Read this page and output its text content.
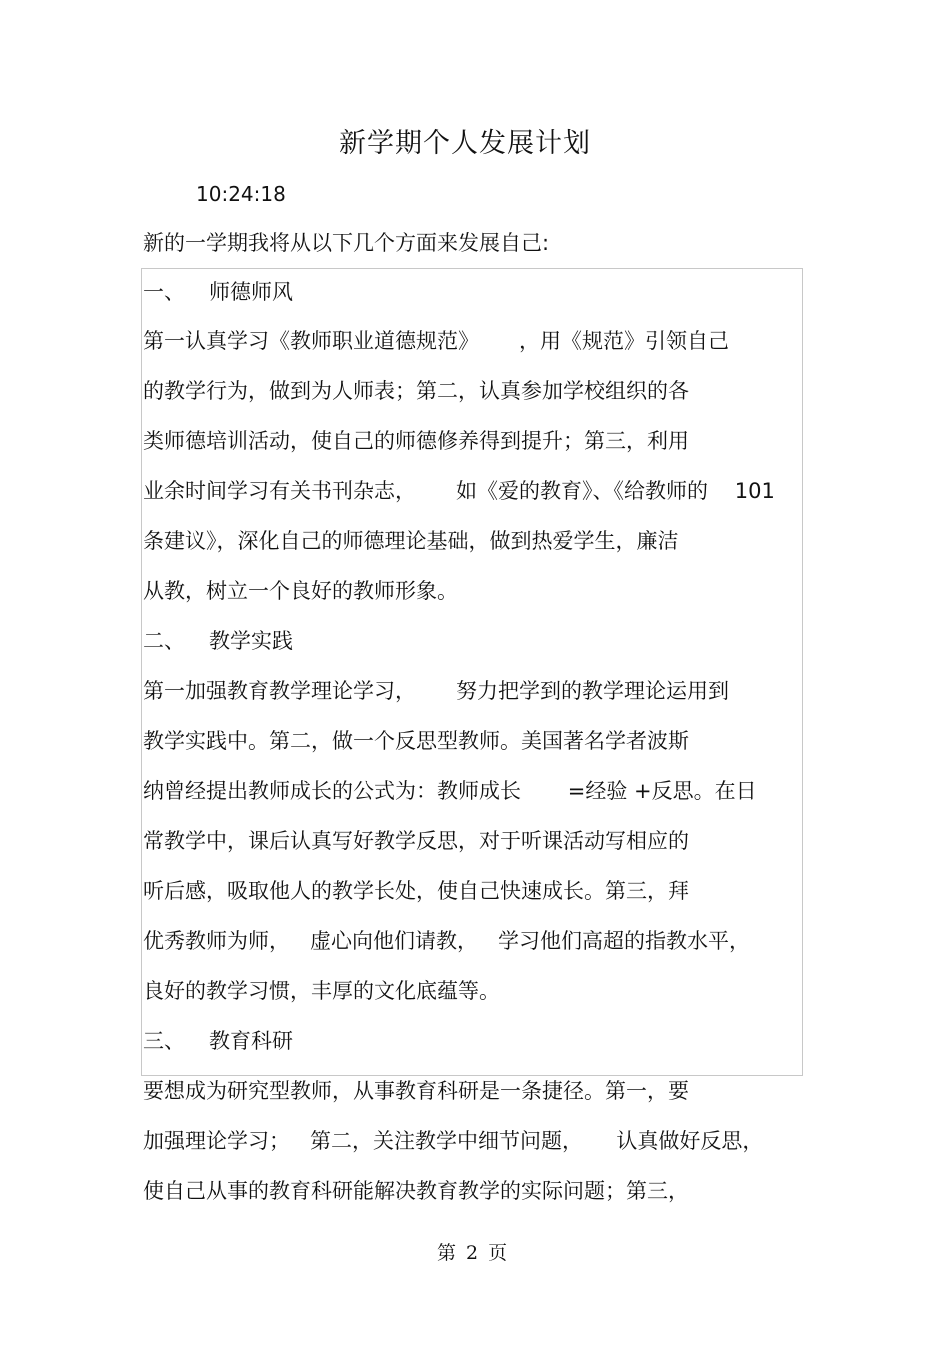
新学期个人发展计划
10:24:18
新的一学期我将从以下几个方面来发展自己:
一、 师德师风
第一认真学习《教师职业道德规范》      ，用《规范》引领自己
的教学行为，做到为人师表；第二，认真参加学校组织的各
类师德培训活动，使自己的师德修养得到提升；第三，利用
业余时间学习有关书刊杂志，      如《爱的教育》、《给教师的    101
条建议》，深化自己的师德理论基础，做到热爱学生，廉洁
从教，树立一个良好的教师形象。
二、 教学实践
第一加强教育教学理论学习，      努力把学到的教学理论运用到
教学实践中。第二，做一个反思型教师。美国著名学者波斯
纳曾经提出教师成长的公式为：教师成长       =经验 +反思。在日
常教学中，课后认真写好教学反思，对于听课活动写相应的
听后感，吸取他人的教学长处，使自己快速成长。第三，拜
优秀教师为师，   虚心向他们请教，   学习他们高超的指教水平，
良好的教学习惯，丰厚的文化底蕴等。
三、 教育科研
要想成为研究型教师，从事教育科研是一条捷径。第一，要
加强理论学习；   第二，关注教学中细节问题，     认真做好反思，
使自己从事的教育科研能解决教育教学的实际问题；第三，
第 2 页
